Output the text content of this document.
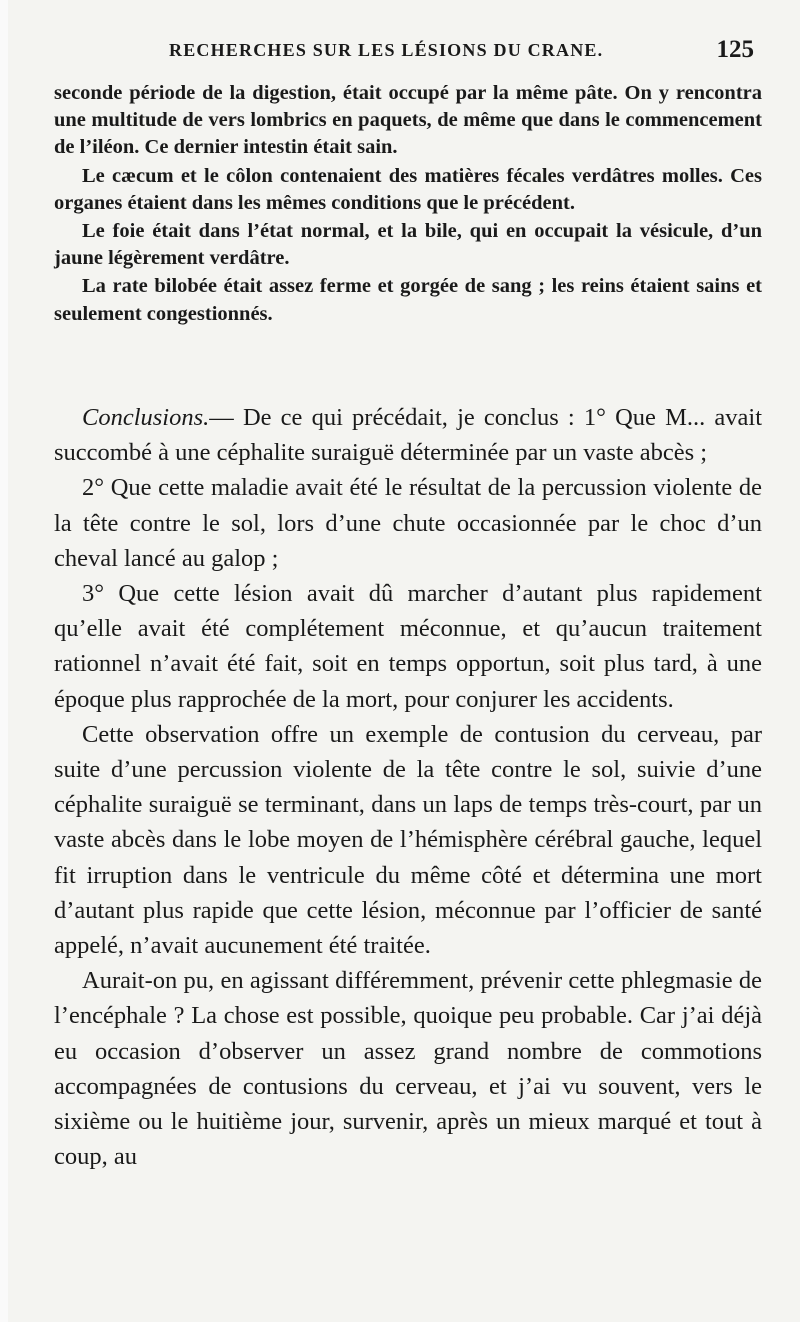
RECHERCHES SUR LES LÉSIONS DU CRANE.	125

seconde période de la digestion, était occupé par la même pâte. On y rencontra une multitude de vers lombrics en paquets, de même que dans le commencement de l’iléon. Ce dernier intestin était sain.

Le cæcum et le côlon contenaient des matières fécales verdâtres molles. Ces organes étaient dans les mêmes conditions que le précédent.

Le foie était dans l’état normal, et la bile, qui en occupait la vésicule, d’un jaune légèrement verdâtre.

La rate bilobée était assez ferme et gorgée de sang ; les reins étaient sains et seulement congestionnés.

Conclusions.— De ce qui précédait, je conclus : 1° Que M... avait succombé à une céphalite suraiguë déterminée par un vaste abcès ;

2° Que cette maladie avait été le résultat de la percussion violente de la tête contre le sol, lors d’une chute occasionnée par le choc d’un cheval lancé au galop ;

3° Que cette lésion avait dû marcher d’autant plus rapidement qu’elle avait été complétement méconnue, et qu’aucun traitement rationnel n’avait été fait, soit en temps opportun, soit plus tard, à une époque plus rapprochée de la mort, pour conjurer les accidents.

Cette observation offre un exemple de contusion du cerveau, par suite d’une percussion violente de la tête contre le sol, suivie d’une céphalite suraiguë se terminant, dans un laps de temps très-court, par un vaste abcès dans le lobe moyen de l’hémisphère cérébral gauche, lequel fit irruption dans le ventricule du même côté et détermina une mort d’autant plus rapide que cette lésion, méconnue par l’officier de santé appelé, n’avait aucunement été traitée.

Aurait-on pu, en agissant différemment, prévenir cette phlegmasie de l’encéphale ? La chose est possible, quoique peu probable. Car j’ai déjà eu occasion d’observer un assez grand nombre de commotions accompagnées de contusions du cerveau, et j’ai vu souvent, vers le sixième ou le huitième jour, survenir, après un mieux marqué et tout à coup, au
